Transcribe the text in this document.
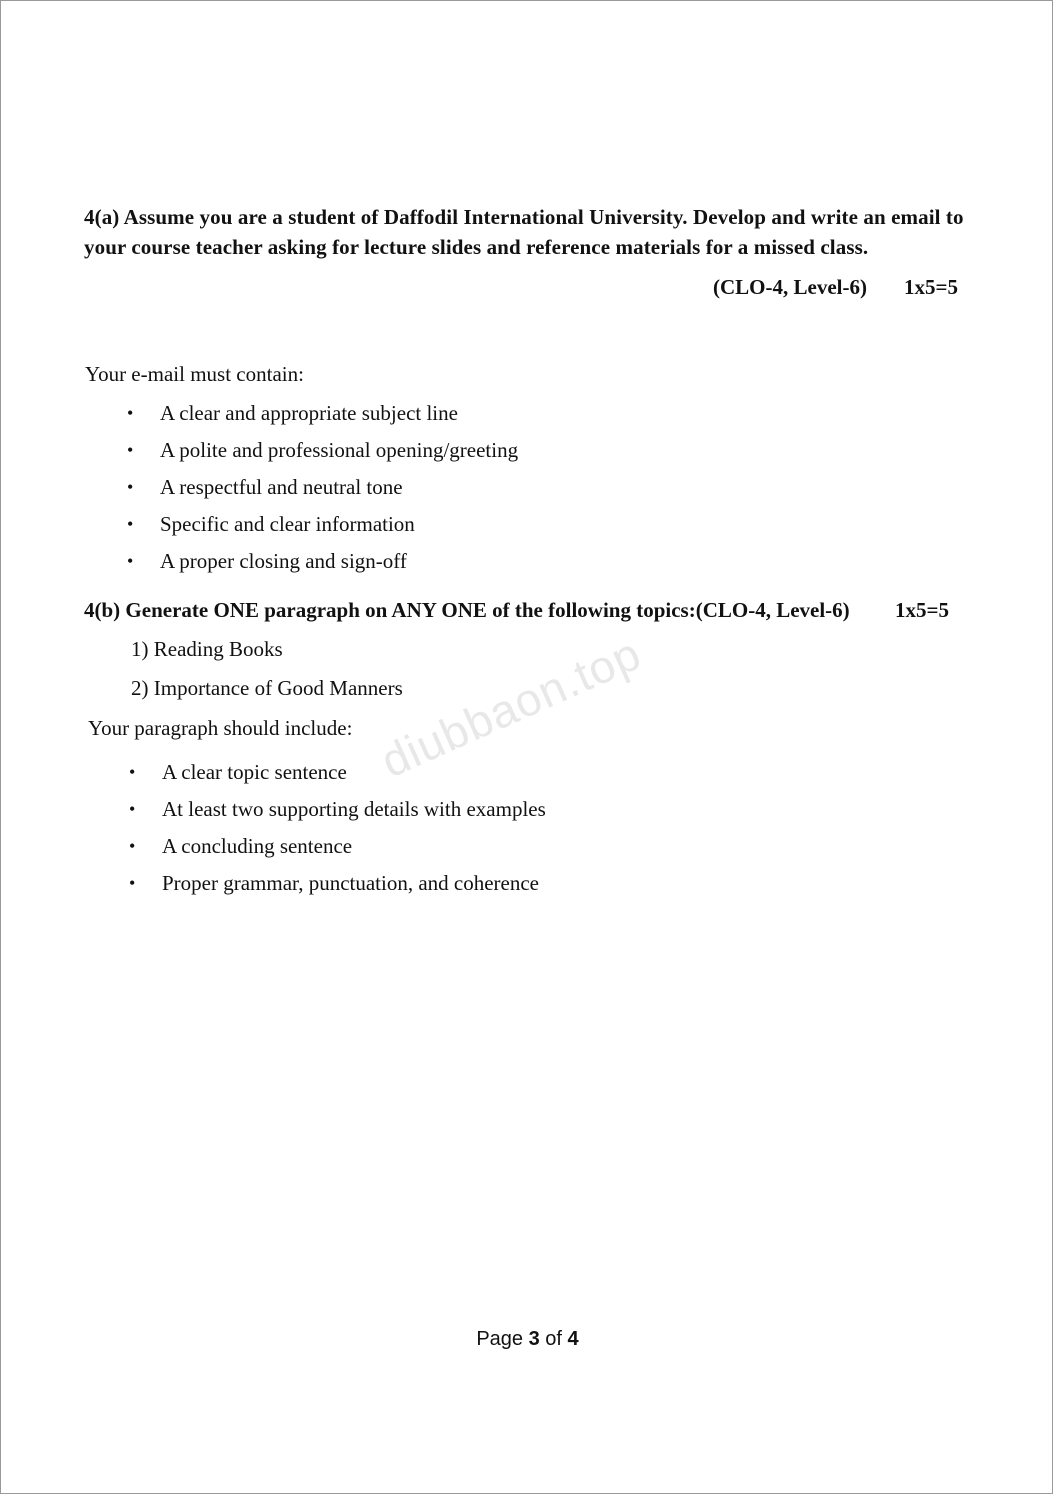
4(a) Assume you are a student of Daffodil International University. Develop and write an email to
your course teacher asking for lecture slides and reference materials for a missed class.
(CLO-4, Level-6) 1x5=5
Your e-mail must contain:
• A clear and appropriate subject line
• A polite and professional opening/greeting
• A respectful and neutral tone
• Specific and clear information
• A proper closing and sign-off
4(b) Generate ONE paragraph on ANY ONE of the following topics:(CLO-4, Level-6) 1x5=5
1) Reading Books
2) Importance of Good Manners
Your paragraph should include:
• A clear topic sentence
• At least two supporting details with examples
• A concluding sentence
• Proper grammar, punctuation, and coherence
diubbaon.top
Page 3 of 4
